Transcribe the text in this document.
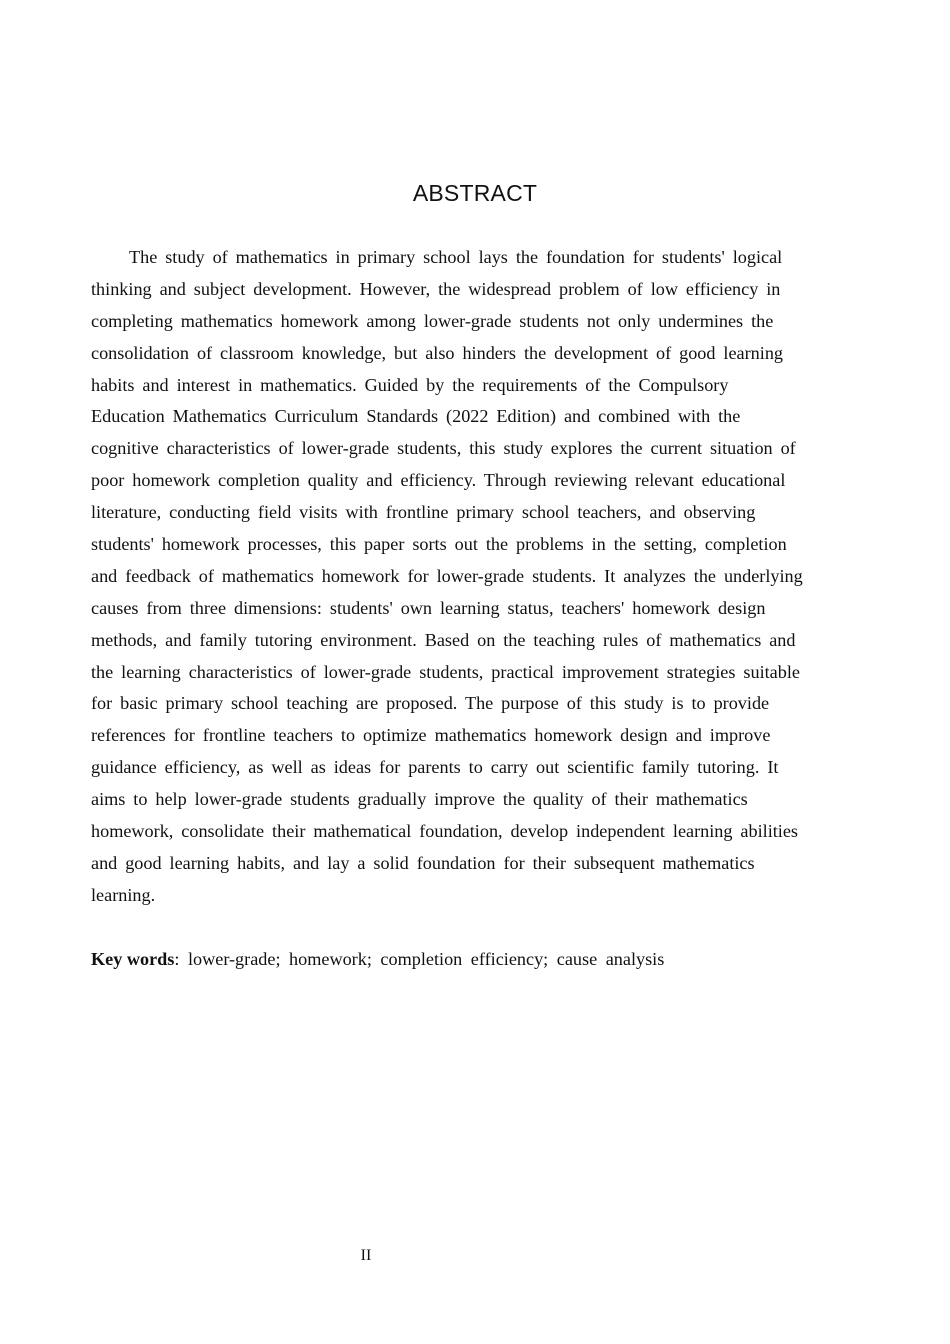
ABSTRACT
The study of mathematics in primary school lays the foundation for students' logical
thinking and subject development. However, the widespread problem of low efficiency in
completing mathematics homework among lower-grade students not only undermines the
consolidation of classroom knowledge, but also hinders the development of good learning
habits and interest in mathematics. Guided by the requirements of the Compulsory
Education Mathematics Curriculum Standards (2022 Edition) and combined with the
cognitive characteristics of lower-grade students, this study explores the current situation of
poor homework completion quality and efficiency. Through reviewing relevant educational
literature, conducting field visits with frontline primary school teachers, and observing
students' homework processes, this paper sorts out the problems in the setting, completion
and feedback of mathematics homework for lower-grade students. It analyzes the underlying
causes from three dimensions: students' own learning status, teachers' homework design
methods, and family tutoring environment. Based on the teaching rules of mathematics and
the learning characteristics of lower-grade students, practical improvement strategies suitable
for basic primary school teaching are proposed. The purpose of this study is to provide
references for frontline teachers to optimize mathematics homework design and improve
guidance efficiency, as well as ideas for parents to carry out scientific family tutoring. It
aims to help lower-grade students gradually improve the quality of their mathematics
homework, consolidate their mathematical foundation, develop independent learning abilities
and good learning habits, and lay a solid foundation for their subsequent mathematics
learning.
Key words: lower-grade; homework; completion efficiency; cause analysis
II
